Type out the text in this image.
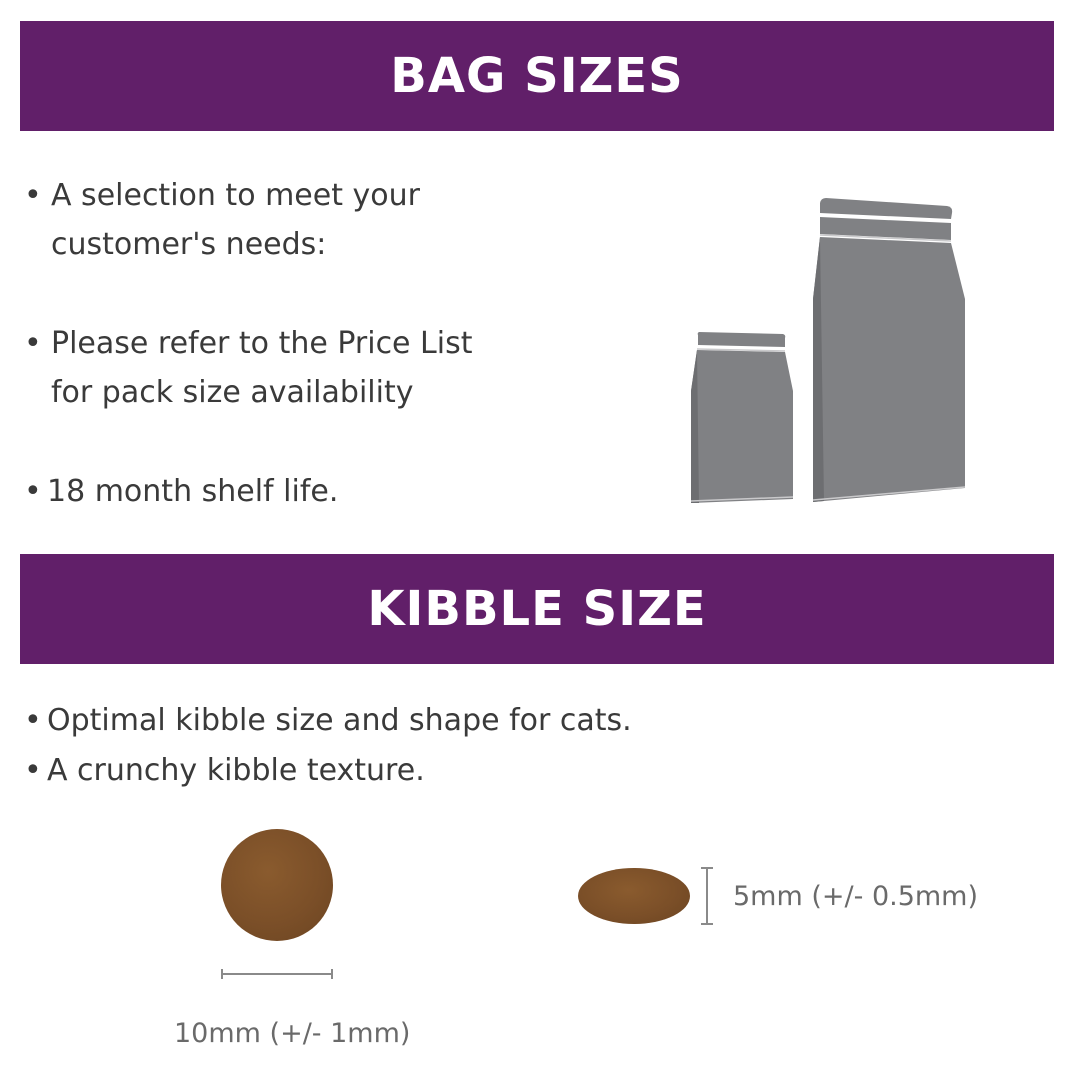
BAG SIZES
• A selection to meet your
customer's needs:
• Please refer to the Price List
for pack size availability
• 18 month shelf life.
KIBBLE SIZE
• Optimal kibble size and shape for cats.
• A crunchy kibble texture.
10mm (+/- 1mm)
5mm (+/- 0.5mm)
